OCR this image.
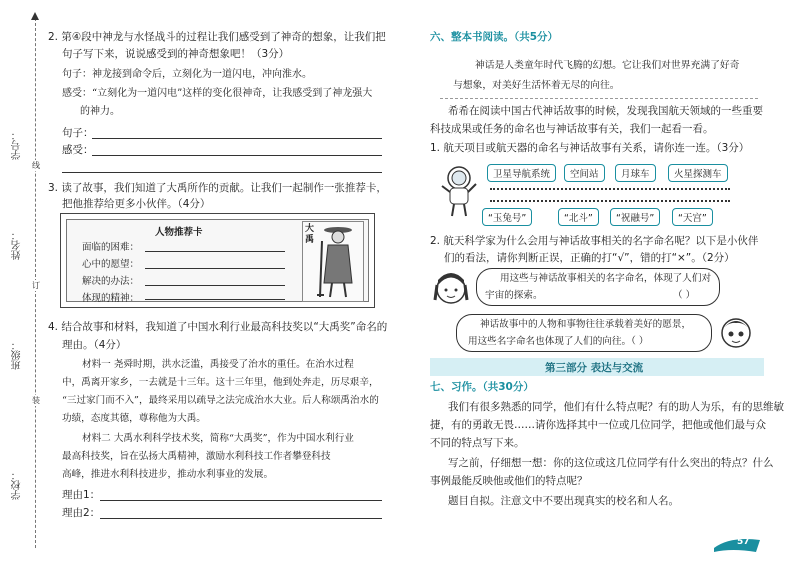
学校：
班级：
姓名：
学号：
装
订
线
2. 第④段中神龙与水怪战斗的过程让我们感受到了神奇的想象，让我们把
句子写下来，说说感受到的神奇想象吧！（3分）
句子：神龙接到命令后，立刻化为一道闪电，冲向淮水。
感受：“立刻化为一道闪电”这样的变化很神奇，让我感受到了神龙强大
的神力。
句子：
感受：
3. 读了故事，我们知道了大禹所作的贡献。让我们一起制作一张推荐卡，
把他推荐给更多小伙伴。（4分）
人物推荐卡
面临的困难：
心中的愿望：
解决的办法：
体现的精神：
大禹
4. 结合故事和材料，我知道了中国水利行业最高科技奖以“大禹奖”命名的
理由。（4分）
材料一 尧舜时期，洪水泛滥，禹接受了治水的重任。在治水过程
中，禹离开家乡，一去就是十三年。这十三年里，他到处奔走，历尽艰辛，
“三过家门而不入”，最终采用以疏导之法完成治水大业。后人称颂禹治水的
功绩，态度其德，尊称他为大禹。
材料二 大禹水利科学技术奖，简称“大禹奖”，作为中国水利行业
最高科技奖，旨在弘扬大禹精神，激励水利科技工作者攀登科技
高峰，推进水利科技进步，推动水利事业的发展。
理由1：
理由2：
六、整本书阅读。（共5分）
神话是人类童年时代飞腾的幻想。它让我们对世界充满了好奇
与想象，对美好生活怀着无尽的向往。
希希在阅读中国古代神话故事的时候，发现我国航天领域的一些重要
科技成果或任务的命名也与神话故事有关，我们一起看一看。
1. 航天项目或航天器的命名与神话故事有关系，请你连一连。（3分）
卫星导航系统	空间站	月球车	火星探测车
“玉兔号”	“北斗”	“祝融号”	“天宫”
2. 航天科学家为什么会用与神话故事相关的名字命名呢？以下是小伙伴
们的看法，请你判断正误，正确的打“√”，错的打“×”。（2分）
用这些与神话故事相关的名字命名，体现了人们对
宇宙的探索。	（ ）
神话故事中的人物和事物往往承载着美好的愿景，
用这些名字命名也体现了人们的向往。（ ）
第三部分 表达与交流
七、习作。（共30分）
我们有很多熟悉的同学，他们有什么特点呢？有的助人为乐，有的思维敏
捷，有的勇敢无畏……请你选择其中一位或几位同学，把他或他们最与众
不同的特点写下来。
写之前，仔细想一想：你的这位或这几位同学有什么突出的特点？什么
事例最能反映他或他们的特点呢？
题目自拟。注意文中不要出现真实的校名和人名。
57
